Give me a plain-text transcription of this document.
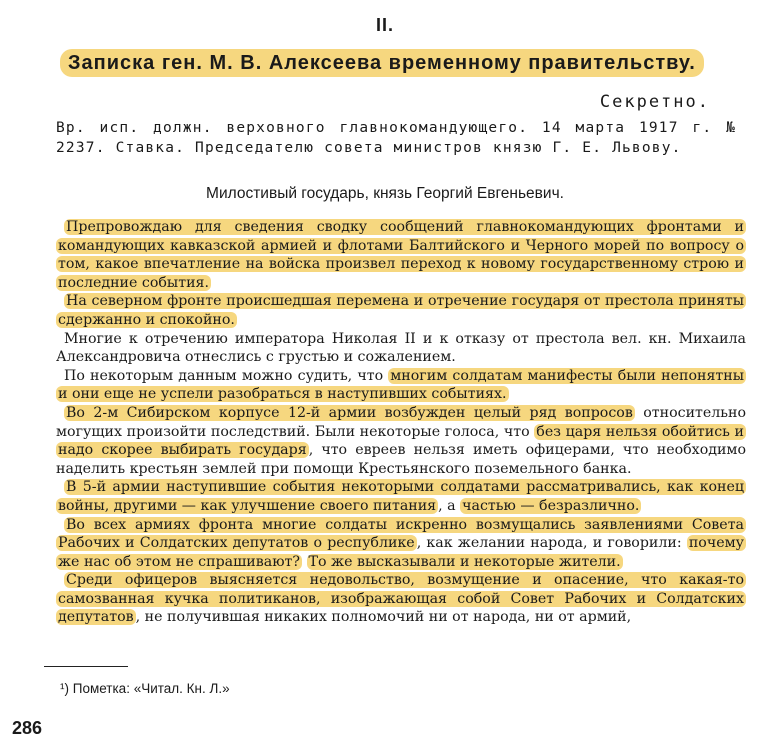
II.
Записка ген. М. В. Алексеева временному правительству.
Секретно.
Вр. исп. должн. верховного главнокомандующего. 14 марта 1917 г. № 2237. Ставка. Председателю совета министров князю Г. Е. Львову.
Милостивый государь, князь Георгий Евгеньевич.

Препровождаю для сведения сводку сообщений главнокомандующих фронтами и командующих кавказской армией и флотами Балтийского и Черного морей по вопросу о том, какое впечатление на войска произвел переход к новому государственному строю и последние события.

На северном фронте происшедшая перемена и отречение государя от престола приняты сдержанно и спокойно.

Многие к отречению императора Николая II и к отказу от престола вел. кн. Михаила Александровича отнеслись с грустью и сожалением.

По некоторым данным можно судить, что многим солдатам манифесты были непонятны и они еще не успели разобраться в наступивших событиях.

Во 2-м Сибирском корпусе 12-й армии возбужден целый ряд вопросов относительно могущих произойти последствий. Были некоторые голоса, что без царя нельзя обойтись и надо скорее выбирать государя , что евреев нельзя иметь офицерами, что необходимо наделить крестьян землей при помощи Крестьянского поземельного банка.

В 5-й армии наступившие события некоторыми солдатами рассматривались, как конец войны, другими — как улучшение своего питания , а частью — безразлично.

Во всех армиях фронта многие солдаты искренно возмущались заявлениями Совета Рабочих и Солдатских депутатов о республике , как желании народа, и говорили: почему же нас об этом не спрашивают? То же высказывали и некоторые жители.

Среди офицеров выясняется недовольство, возмущение и опасение, что какая-то самозванная кучка политиканов, изображающая собой Совет Рабочих и Солдатских депутатов , не получившая никаких полномочий ни от народа, ни от армий,

¹) Пометка: «Читал. Кн. Л.»
286
